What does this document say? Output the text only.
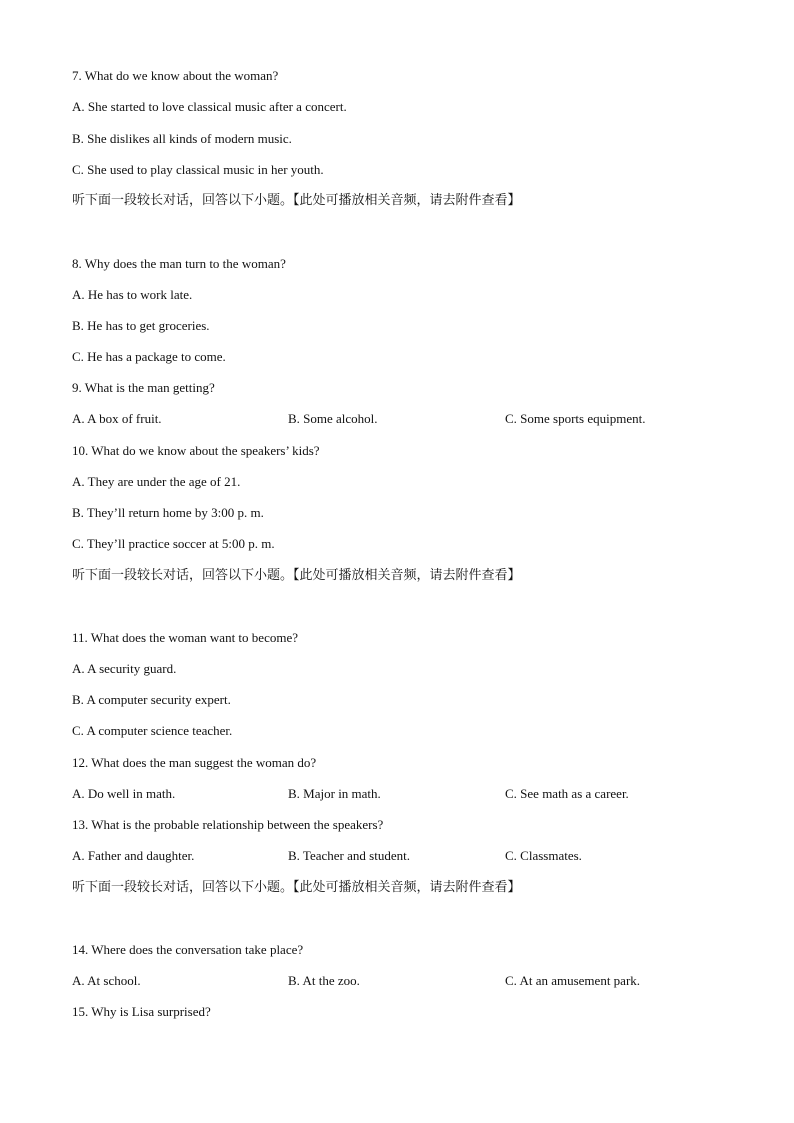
7. What do we know about the woman?
A. She started to love classical music after a concert.
B. She dislikes all kinds of modern music.
C. She used to play classical music in her youth.
听下面一段较长对话，回答以下小题。【此处可播放相关音频，请去附件查看】
8. Why does the man turn to the woman?
A. He has to work late.
B. He has to get groceries.
C. He has a package to come.
9. What is the man getting?
A. A box of fruit.	B. Some alcohol.	C. Some sports equipment.
10. What do we know about the speakers’ kids?
A. They are under the age of 21.
B. They’ll return home by 3:00 p. m.
C. They’ll practice soccer at 5:00 p. m.
听下面一段较长对话，回答以下小题。【此处可播放相关音频，请去附件查看】
11. What does the woman want to become?
A. A security guard.
B. A computer security expert.
C. A computer science teacher.
12. What does the man suggest the woman do?
A. Do well in math.	B. Major in math.	C. See math as a career.
13. What is the probable relationship between the speakers?
A. Father and daughter.	B. Teacher and student.	C. Classmates.
听下面一段较长对话，回答以下小题。【此处可播放相关音频，请去附件查看】
14. Where does the conversation take place?
A. At school.	B. At the zoo.	C. At an amusement park.
15. Why is Lisa surprised?
